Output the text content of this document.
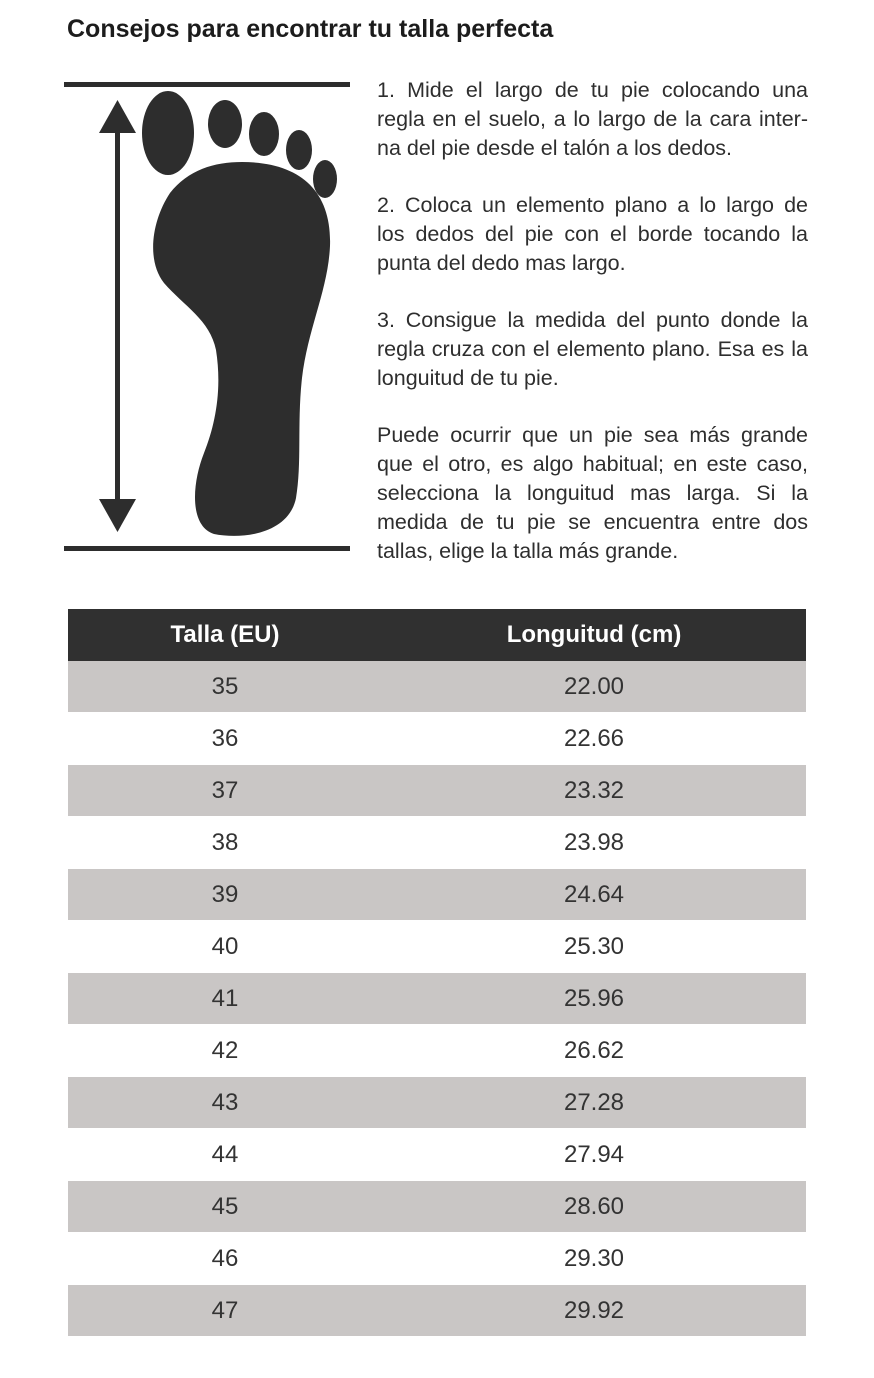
Consejos para encontrar tu talla perfecta

1. Mide el largo de tu pie colocando una regla en el suelo, a lo largo de la cara inter- na del pie desde el talón a los dedos.

2. Coloca un elemento plano a lo largo de los dedos del pie con el borde tocando la punta del dedo mas largo.

3. Consigue la medida del punto donde la regla cruza con el elemento plano. Esa es la longuitud de tu pie.

Puede ocurrir que un pie sea más grande que el otro, es algo habitual; en este caso, selecciona la longuitud mas larga. Si la medida de tu pie se encuentra entre dos tallas, elige la talla más grande.

Talla (EU)	Longuitud (cm)
35	22.00
36	22.66
37	23.32
38	23.98
39	24.64
40	25.30
41	25.96
42	26.62
43	27.28
44	27.94
45	28.60
46	29.30
47	29.92
